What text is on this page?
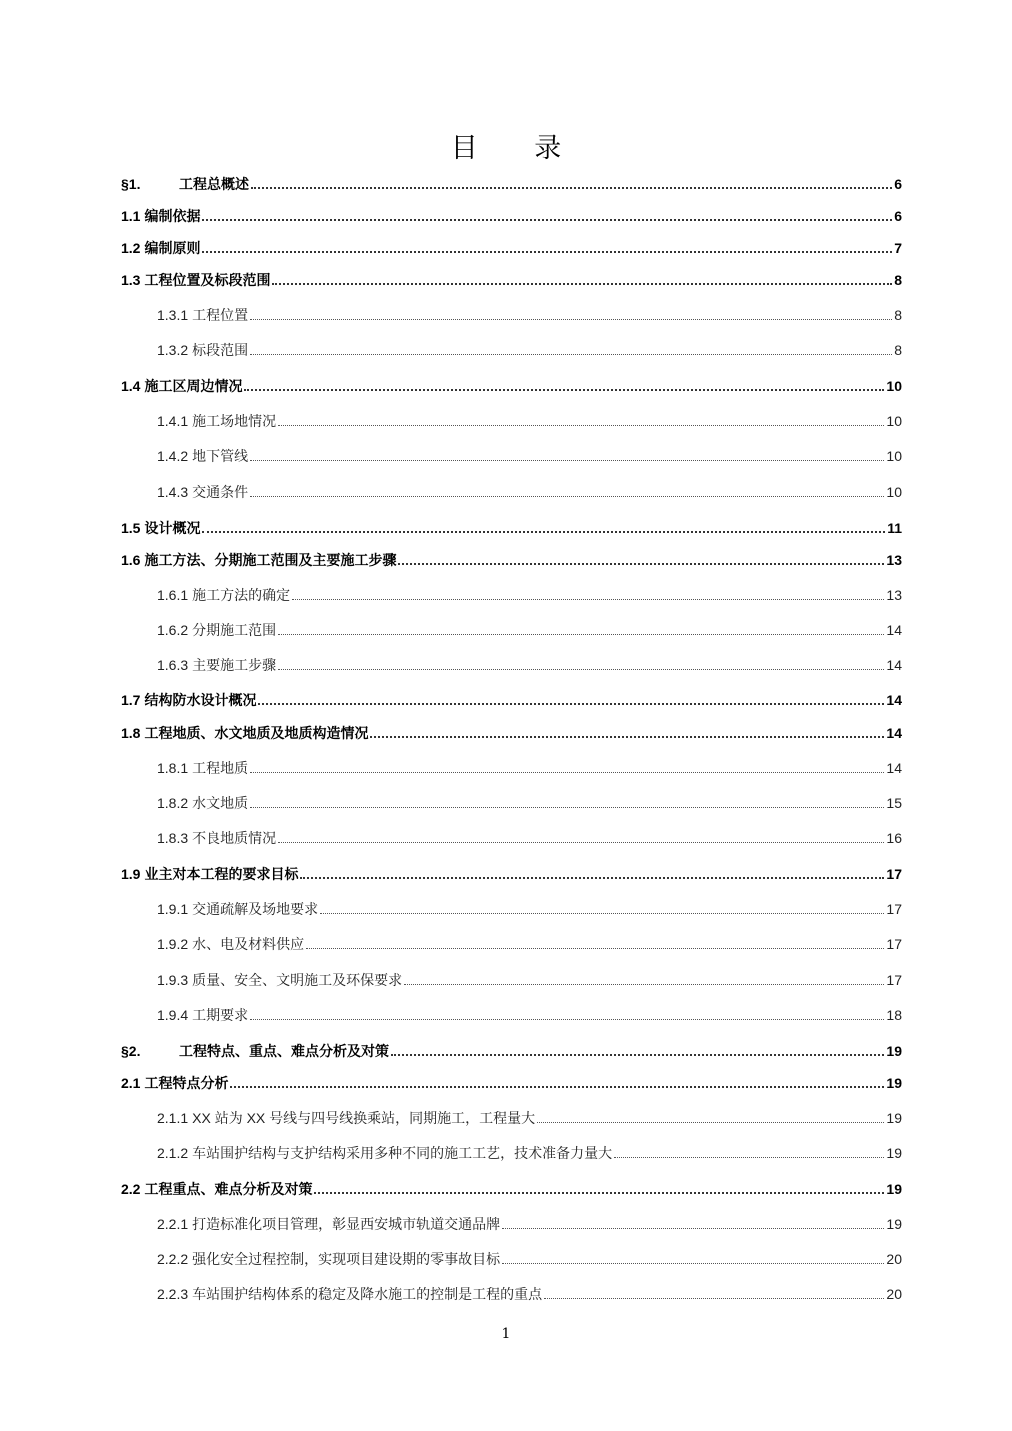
目 录
§1.	工程总概述	6
1.1 编制依据	6
1.2 编制原则	7
1.3 工程位置及标段范围	8
1.3.1 工程位置	8
1.3.2 标段范围	8
1.4 施工区周边情况	10
1.4.1 施工场地情况	10
1.4.2 地下管线	10
1.4.3 交通条件	10
1.5 设计概况	11
1.6 施工方法、分期施工范围及主要施工步骤	13
1.6.1 施工方法的确定	13
1.6.2 分期施工范围	14
1.6.3 主要施工步骤	14
1.7 结构防水设计概况	14
1.8 工程地质、水文地质及地质构造情况	14
1.8.1 工程地质	14
1.8.2 水文地质	15
1.8.3 不良地质情况	16
1.9 业主对本工程的要求目标	17
1.9.1 交通疏解及场地要求	17
1.9.2 水、电及材料供应	17
1.9.3 质量、安全、文明施工及环保要求	17
1.9.4 工期要求	18
§2.	工程特点、重点、难点分析及对策	19
2.1 工程特点分析	19
2.1.1 XX 站为 XX 号线与四号线换乘站，同期施工，工程量大	19
2.1.2 车站围护结构与支护结构采用多种不同的施工工艺，技术准备力量大	19
2.2 工程重点、难点分析及对策	19
2.2.1 打造标准化项目管理，彰显西安城市轨道交通品牌	19
2.2.2 强化安全过程控制，实现项目建设期的零事故目标	20
2.2.3 车站围护结构体系的稳定及降水施工的控制是工程的重点	20
1
